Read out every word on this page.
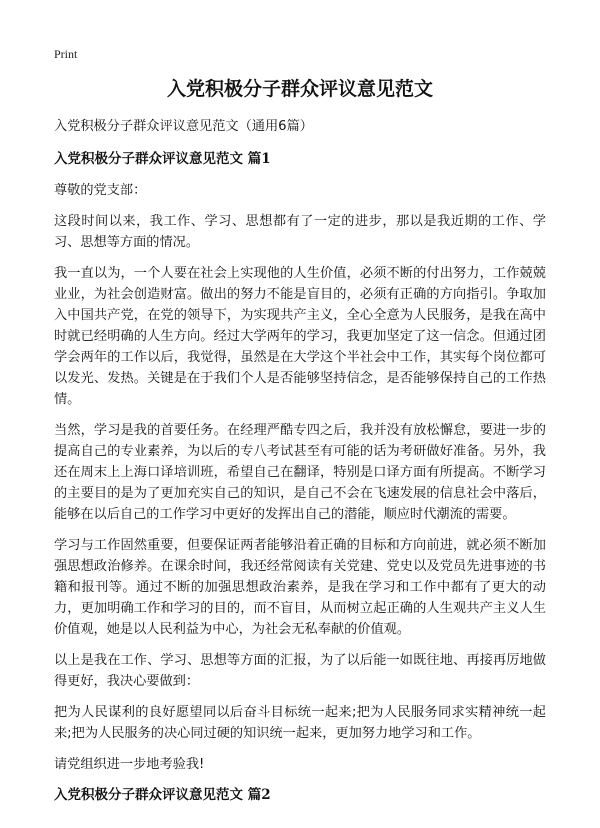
Print
入党积极分子群众评议意见范文

入党积极分子群众评议意见范文（通用6篇）

入党积极分子群众评议意见范文 篇1

尊敬的党支部：

这段时间以来，我工作、学习、思想都有了一定的进步，那以是我近期的工作、学习、思想等方面的情况。

我一直以为，一个人要在社会上实现他的人生价值，必须不断的付出努力，工作兢兢业业，为社会创造财富。做出的努力不能是盲目的，必须有正确的方向指引。争取加入中国共产党，在党的领导下，为实现共产主义，全心全意为人民服务，是我在高中时就已经明确的人生方向。经过大学两年的学习，我更加坚定了这一信念。但通过团学会两年的工作以后，我觉得，虽然是在大学这个半社会中工作，其实每个岗位都可以发光、发热。关键是在于我们个人是否能够坚持信念，是否能够保持自己的工作热情。

当然，学习是我的首要任务。在经理严酷专四之后，我并没有放松懈怠，要进一步的提高自己的专业素养，为以后的专八考试甚至有可能的话为考研做好准备。另外，我还在周末上上海口译培训班，希望自己在翻译，特别是口译方面有所提高。不断学习的主要目的是为了更加充实自己的知识，是自己不会在飞速发展的信息社会中落后，能够在以后自己的工作学习中更好的发挥出自己的潜能，顺应时代潮流的需要。

学习与工作固然重要，但要保证两者能够沿着正确的目标和方向前进，就必须不断加强思想政治修养。在课余时间，我还经常阅读有关党建、党史以及党员先进事迹的书籍和报刊等。通过不断的加强思想政治素养，是我在学习和工作中都有了更大的动力，更加明确工作和学习的目的，而不盲目，从而树立起正确的人生观共产主义人生价值观，她是以人民利益为中心，为社会无私奉献的价值观。

以上是我在工作、学习、思想等方面的汇报，为了以后能一如既往地、再接再厉地做得更好，我决心要做到：

把为人民谋利的良好愿望同以后奋斗目标统一起来;把为人民服务同求实精神统一起来;把为人民服务的决心同过硬的知识统一起来，更加努力地学习和工作。

请党组织进一步地考验我!

入党积极分子群众评议意见范文 篇2
